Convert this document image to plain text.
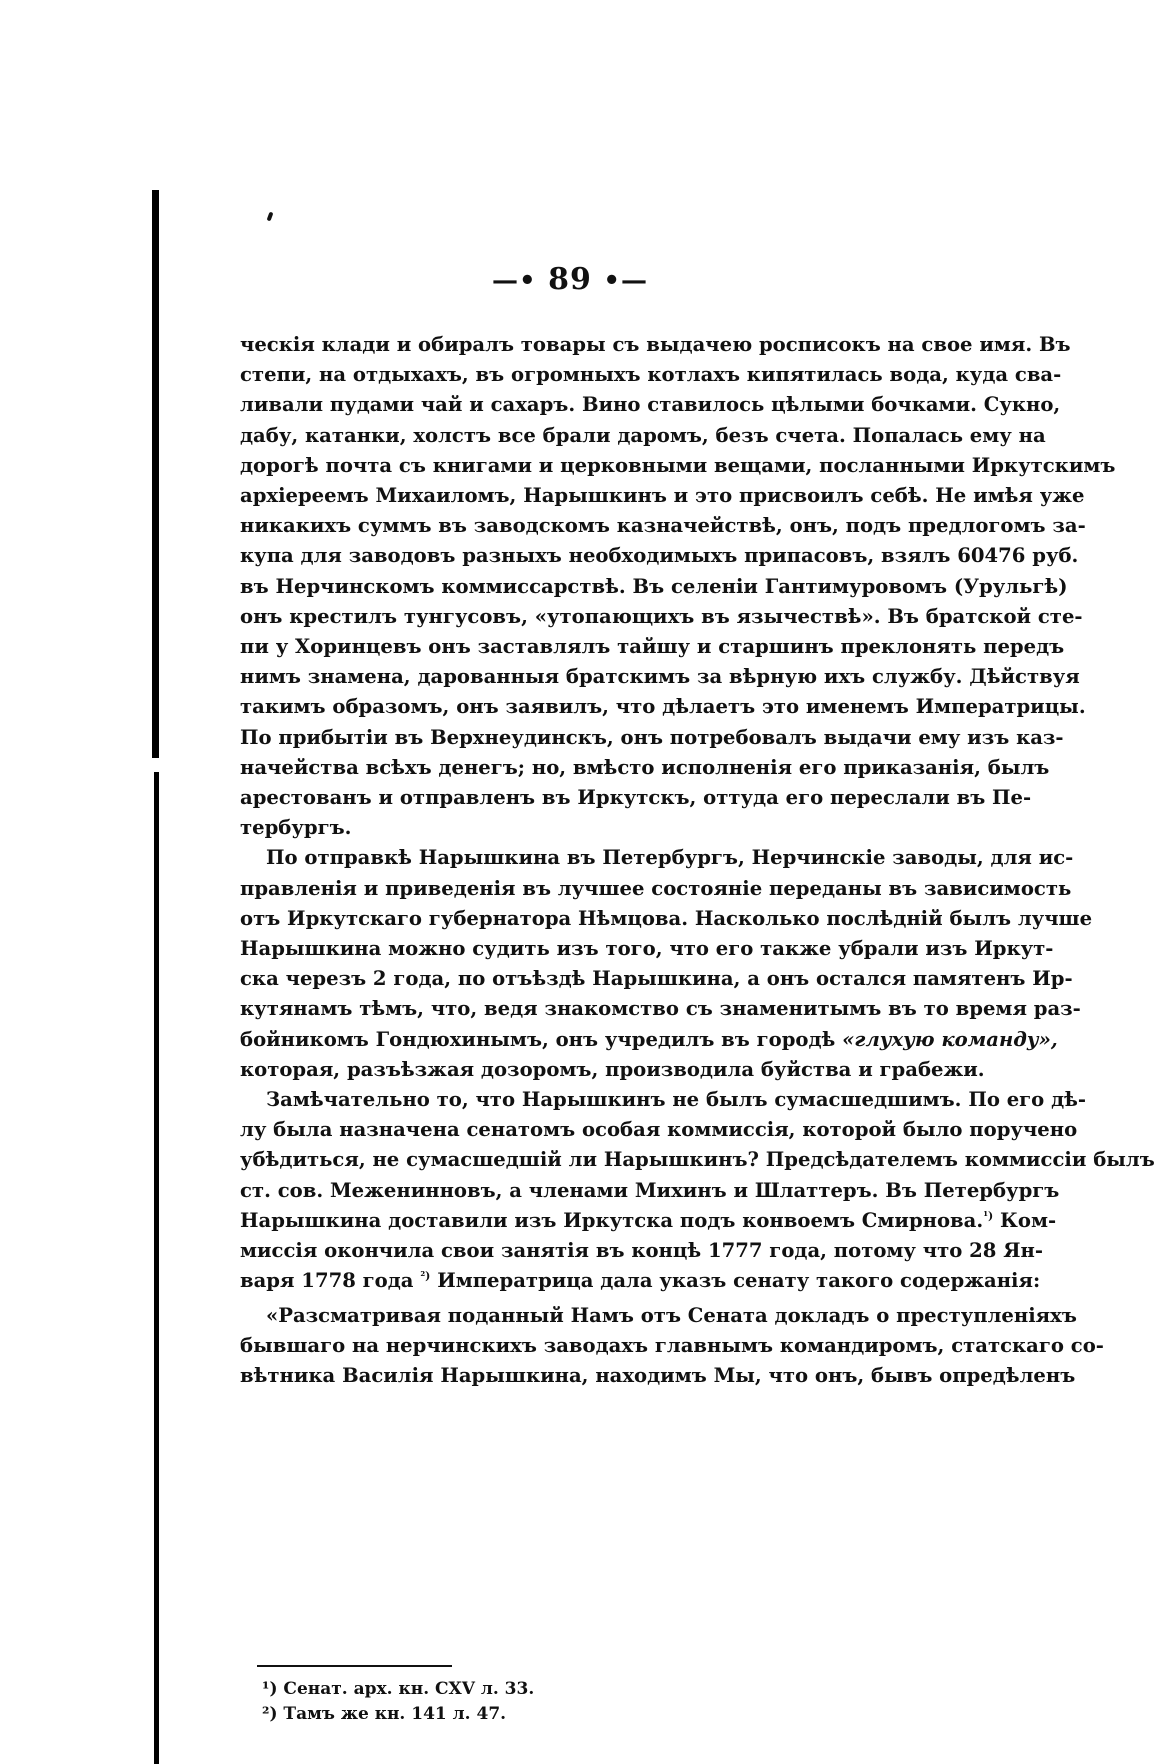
—• 89 •—
ческія клади и обиралъ товары съ выдачею росписокъ на свое имя. Въ
степи, на отдыхахъ, въ огромныхъ котлахъ кипятилась вода, куда сва-
ливали пудами чай и сахаръ. Вино ставилось цѣлыми бочками. Сукно,
дабу, катанки, холстъ все брали даромъ, безъ счета. Попалась ему на
дорогѣ почта съ книгами и церковными вещами, посланными Иркутскимъ
архіереемъ Михаиломъ, Нарышкинъ и это присвоилъ себѣ. Не имѣя уже
никакихъ суммъ въ заводскомъ казначействѣ, онъ, подъ предлогомъ за-
купа для заводовъ разныхъ необходимыхъ припасовъ, взялъ 60476 руб.
въ Нерчинскомъ коммиссарствѣ. Въ селеніи Гантимуровомъ (Урульгѣ)
онъ крестилъ тунгусовъ, «утопающихъ въ язычествѣ». Въ братской сте-
пи у Хоринцевъ онъ заставлялъ тайшу и старшинъ преклонять передъ
нимъ знамена, дарованныя братскимъ за вѣрную ихъ службу. Дѣйствуя
такимъ образомъ, онъ заявилъ, что дѣлаетъ это именемъ Императрицы.
По прибытіи въ Верхнеудинскъ, онъ потребовалъ выдачи ему изъ каз-
начейства всѣхъ денегъ; но, вмѣсто исполненія его приказанія, былъ
арестованъ и отправленъ въ Иркутскъ, оттуда его переслали въ Пе-
тербургъ.
По отправкѣ Нарышкина въ Петербургъ, Нерчинскіе заводы, для ис-
правленія и приведенія въ лучшее состояніе переданы въ зависимость
отъ Иркутскаго губернатора Нѣмцова. Насколько послѣдній былъ лучше
Нарышкина можно судить изъ того, что его также убрали изъ Иркут-
ска черезъ 2 года, по отъѣздѣ Нарышкина, а онъ остался памятенъ Ир-
кутянамъ тѣмъ, что, ведя знакомство съ знаменитымъ въ то время раз-
бойникомъ Гондюхинымъ, онъ учредилъ въ городѣ «глухую команду»,
которая, разъѣзжая дозоромъ, производила буйства и грабежи.
Замѣчательно то, что Нарышкинъ не былъ сумасшедшимъ. По его дѣ-
лу была назначена сенатомъ особая коммиссія, которой было поручено
убѣдиться, не сумасшедшій ли Нарышкинъ? Предсѣдателемъ коммиссіи былъ
ст. сов. Меженинновъ, а членами Михинъ и Шлаттеръ. Въ Петербургъ
Нарышкина доставили изъ Иркутска подъ конвоемъ Смирнова.$^{^1)}$ Ком-
миссія окончила свои занятія въ концѣ 1777 года, потому что 28 Ян-
варя 1778 года $^{^2)}$ Императрица дала указъ сенату такого содержанія:
«Разсматривая поданный Намъ отъ Сената докладъ о преступленіяхъ
бывшаго на нерчинскихъ заводахъ главнымъ командиромъ, статскаго со-
вѣтника Василія Нарышкина, находимъ Мы, что онъ, бывъ опредѣленъ
¹) Сенат. арх. кн. CXV л. 33.
²) Тамъ же кн. 141 л. 47.
